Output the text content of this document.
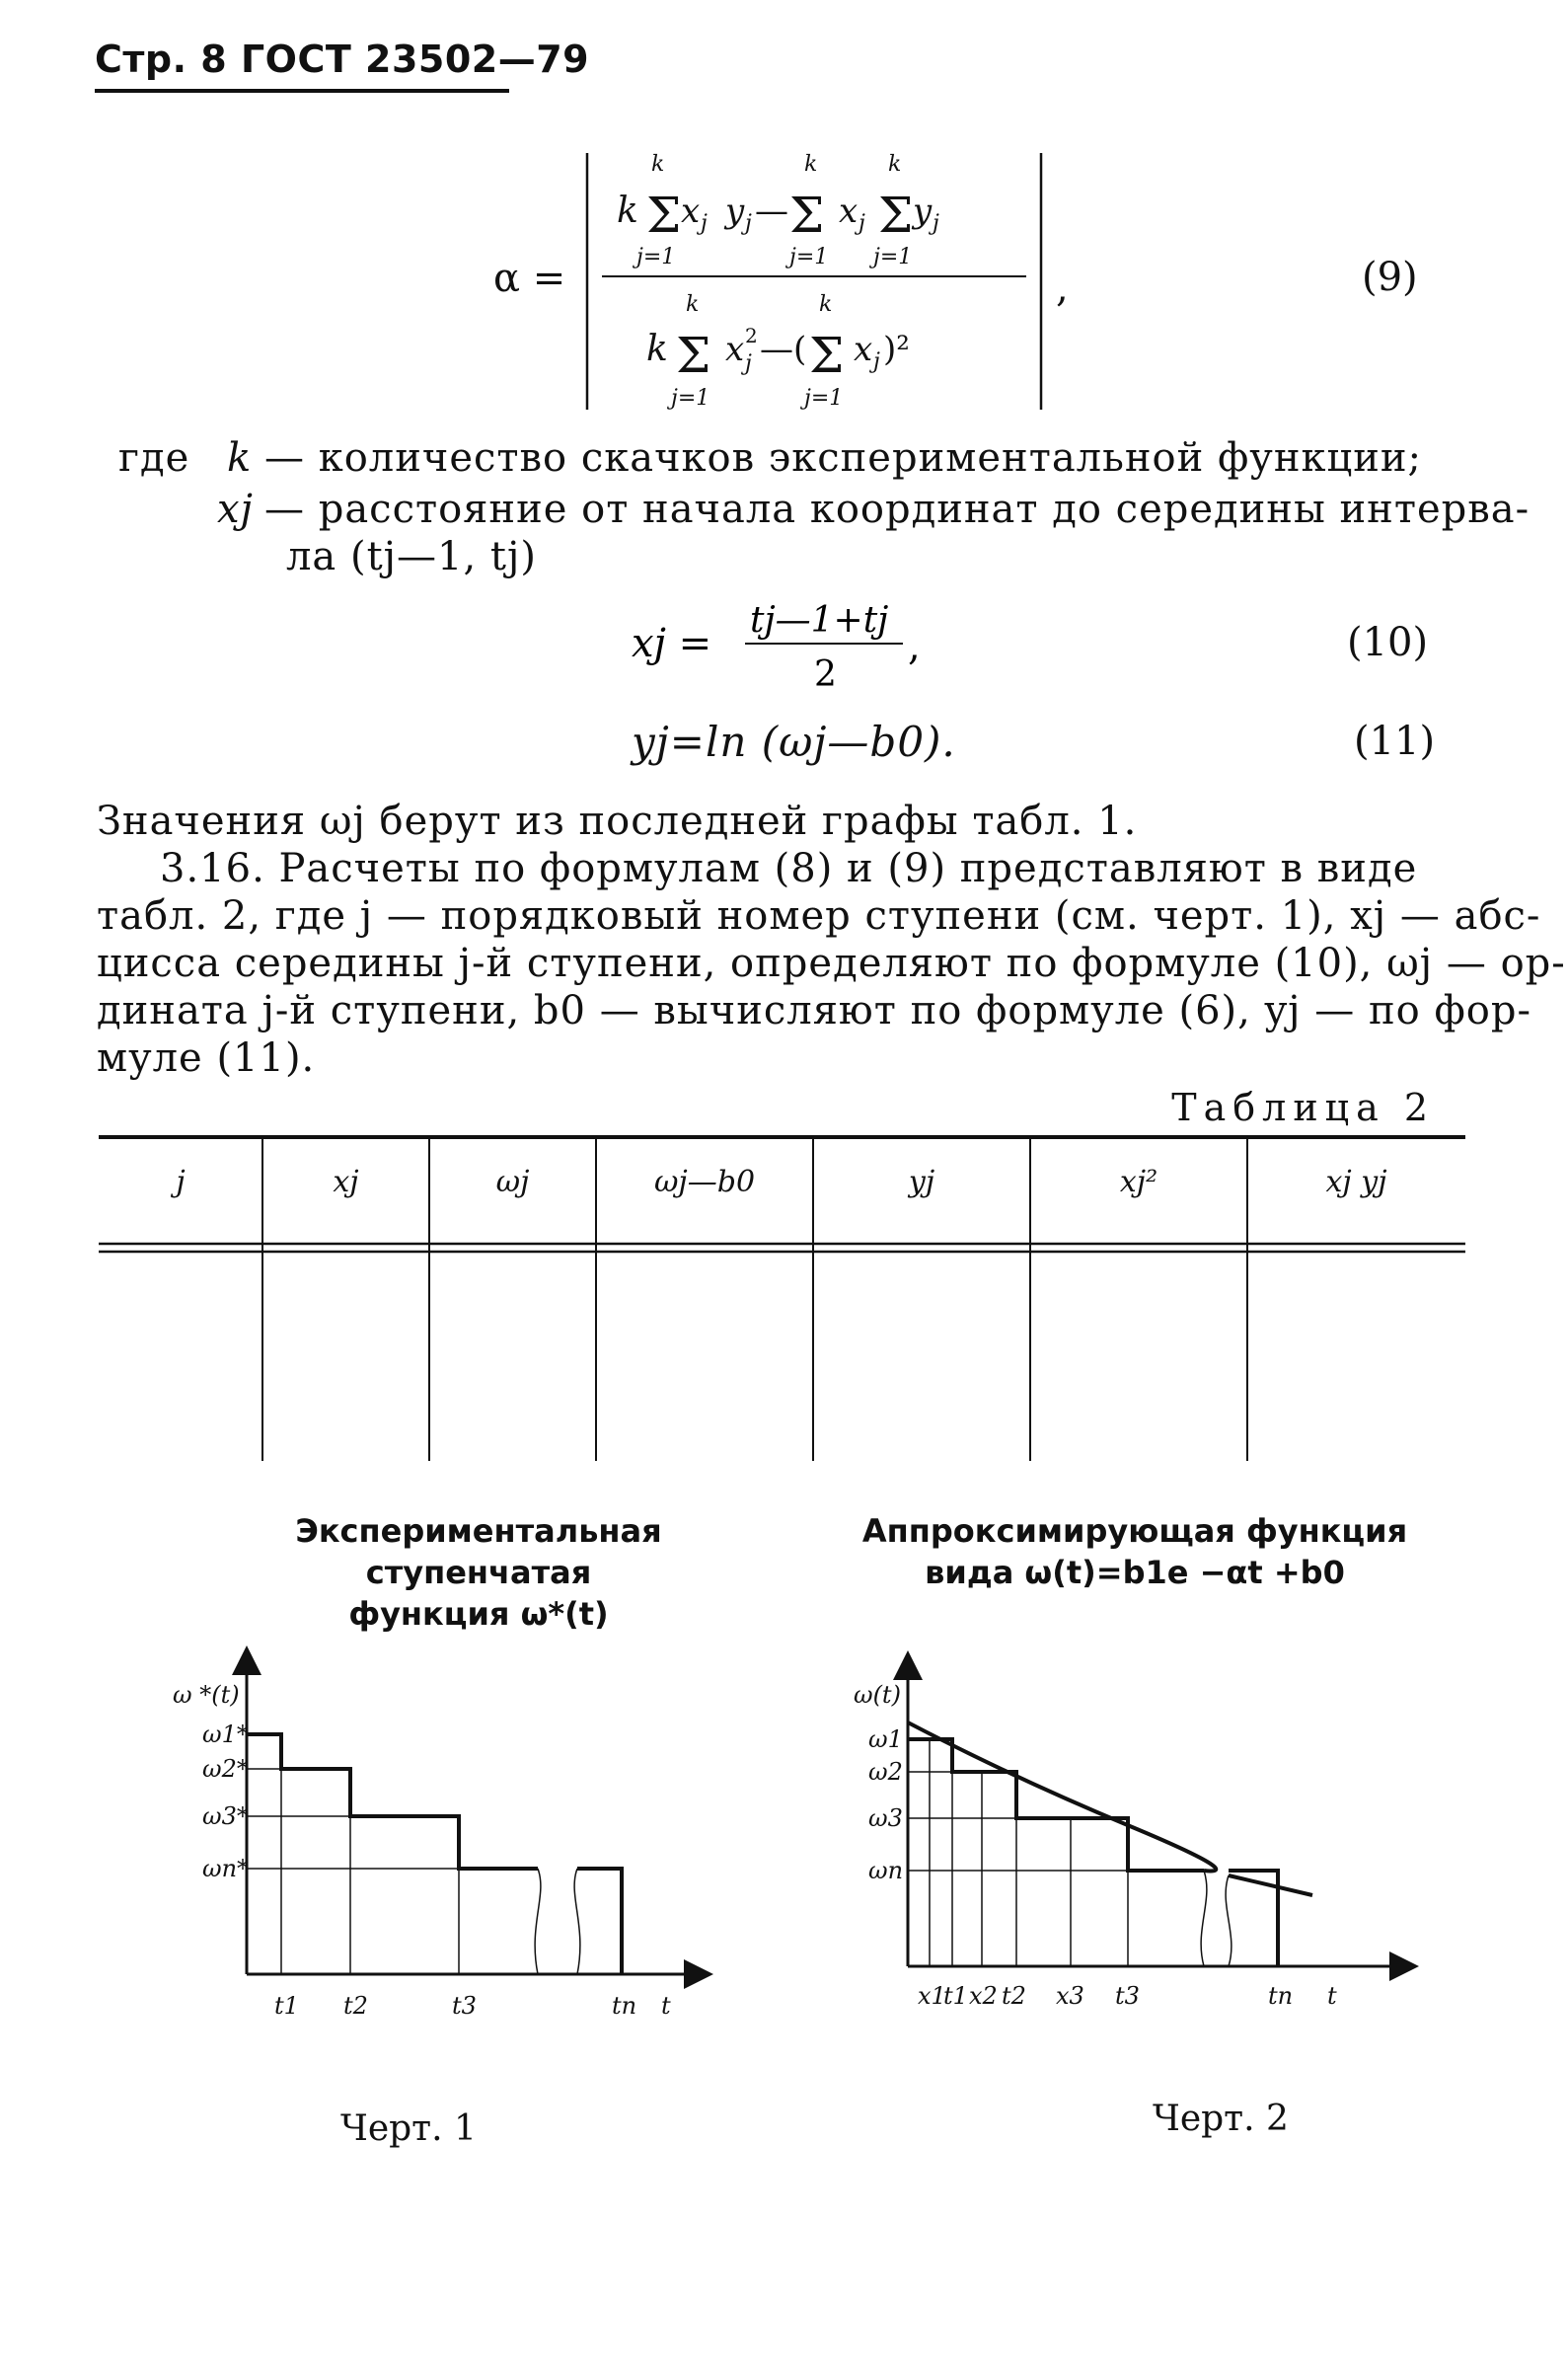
Стр. 8 ГОСТ 23502—79
α =
k Σ
k
j=1
x j y j — Σ
k
j=1
x j Σ
k
j=1
y j
k Σ
k
j=1
x 2
j —( Σ
k
j=1
x j )²
,	(9)
где k — количество скачков экспериментальной функции;
xj — расстояние от начала координат до середины интерва-
ла (tj—1, tj)
xj =
tj—1+tj
2
,	(10)
yj=ln (ωj—b0).	(11)
Значения ωj берут из последней графы табл. 1.
3.16. Расчеты по формулам (8) и (9) представляют в виде
табл. 2, где j — порядковый номер ступени (см. черт. 1), xj — абс-
цисса середины j-й ступени, определяют по формуле (10), ωj — ор-
дината j-й ступени, b0 — вычисляют по формуле (6), yj — по фор-
муле (11).
Таблица 2
j	xj	ωj	ωj—b0	yj	xj²	xj yj
Экспериментальная ступенчатая
функция ω*(t)
Аппроксимирующая функция
вида ω(t)=b1e −αt +b0
ω *(t)
ω1*
ω2*
ω3*
ωn*
t1 t2	t3	tn t
ω(t)
ω1
ω2
ω3
ωn
x1
t1 x2 t2 x3 t3	tn t
Черт. 1	Черт. 2
